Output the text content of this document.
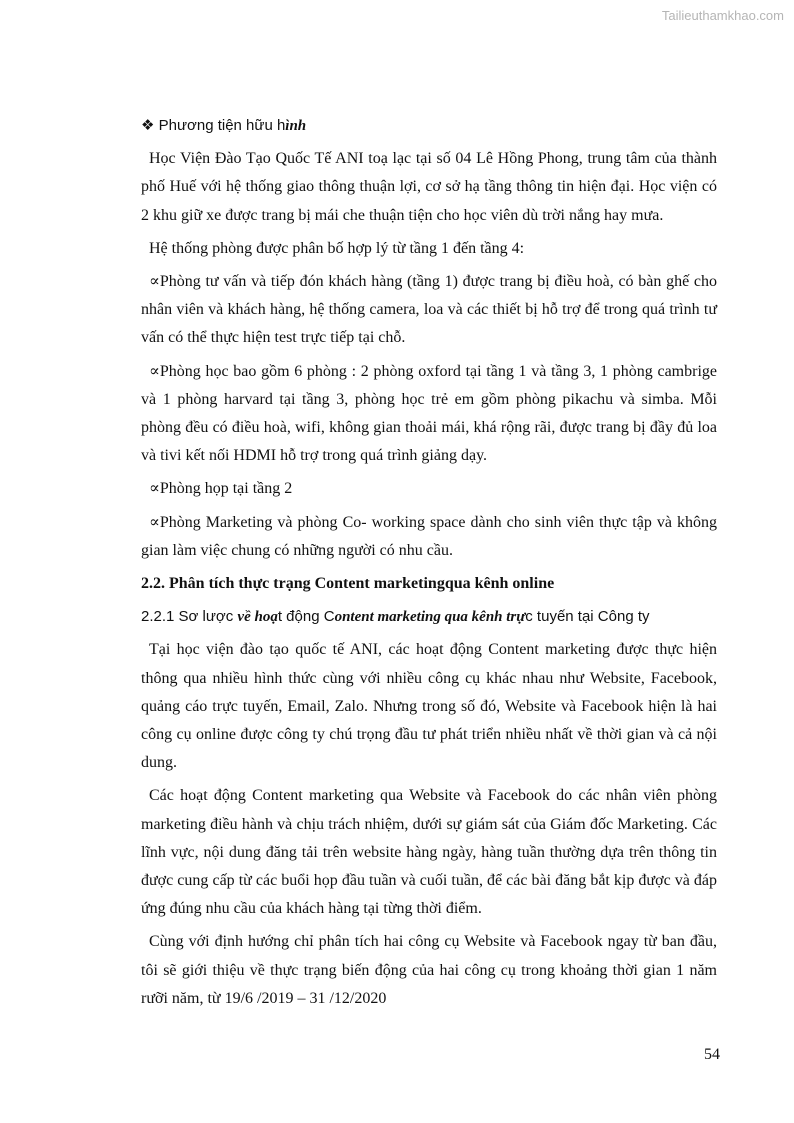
Tailieuthamkhao.com
❖ Phương tiện hữu hình

Học Viện Đào Tạo Quốc Tế ANI toạ lạc tại số 04 Lê Hồng Phong, trung tâm của thành phố Huế với hệ thống giao thông thuận lợi, cơ sở hạ tầng thông tin hiện đại. Học viện có 2 khu giữ xe được trang bị mái che thuận tiện cho học viên dù trời nắng hay mưa.

Hệ thống phòng được phân bố hợp lý từ tầng 1 đến tầng 4:

∝Phòng tư vấn và tiếp đón khách hàng (tầng 1) được trang bị điều hoà, có bàn ghế cho nhân viên và khách hàng, hệ thống camera, loa và các thiết bị hỗ trợ để trong quá trình tư vấn có thể thực hiện test trực tiếp tại chỗ.

∝Phòng học bao gồm 6 phòng : 2 phòng oxford tại tầng 1 và tầng 3, 1 phòng cambrige và 1 phòng harvard tại tầng 3, phòng học trẻ em gồm phòng pikachu và simba. Mỗi phòng đều có điều hoà, wifi, không gian thoải mái, khá rộng rãi, được trang bị đầy đủ loa và tivi kết nối HDMI hỗ trợ trong quá trình giảng dạy.

∝Phòng họp tại tầng 2

∝Phòng Marketing và phòng Co- working space dành cho sinh viên thực tập và không gian làm việc chung có những người có nhu cầu.

2.2. Phân tích thực trạng Content marketingqua kênh online

2.2.1 Sơ lược về hoạt động Content marketing qua kênh trực tuyến tại Công ty

Tại học viện đào tạo quốc tế ANI, các hoạt động Content marketing được thực hiện thông qua nhiều hình thức cùng với nhiều công cụ khác nhau như Website, Facebook, quảng cáo trực tuyến, Email, Zalo. Nhưng trong số đó, Website và Facebook hiện là hai công cụ online được công ty chú trọng đầu tư phát triển nhiều nhất về thời gian và cả nội dung.

Các hoạt động Content marketing qua Website và Facebook do các nhân viên phòng marketing điều hành và chịu trách nhiệm, dưới sự giám sát của Giám đốc Marketing. Các lĩnh vực, nội dung đăng tải trên website hàng ngày, hàng tuần thường dựa trên thông tin được cung cấp từ các buổi họp đầu tuần và cuối tuần, để các bài đăng bắt kịp được và đáp ứng đúng nhu cầu của khách hàng tại từng thời điểm.

Cùng với định hướng chỉ phân tích hai công cụ Website và Facebook ngay từ ban đầu, tôi sẽ giới thiệu về thực trạng biến động của hai công cụ trong khoảng thời gian 1 năm rưỡi năm, từ 19/6 /2019 – 31 /12/2020

54
